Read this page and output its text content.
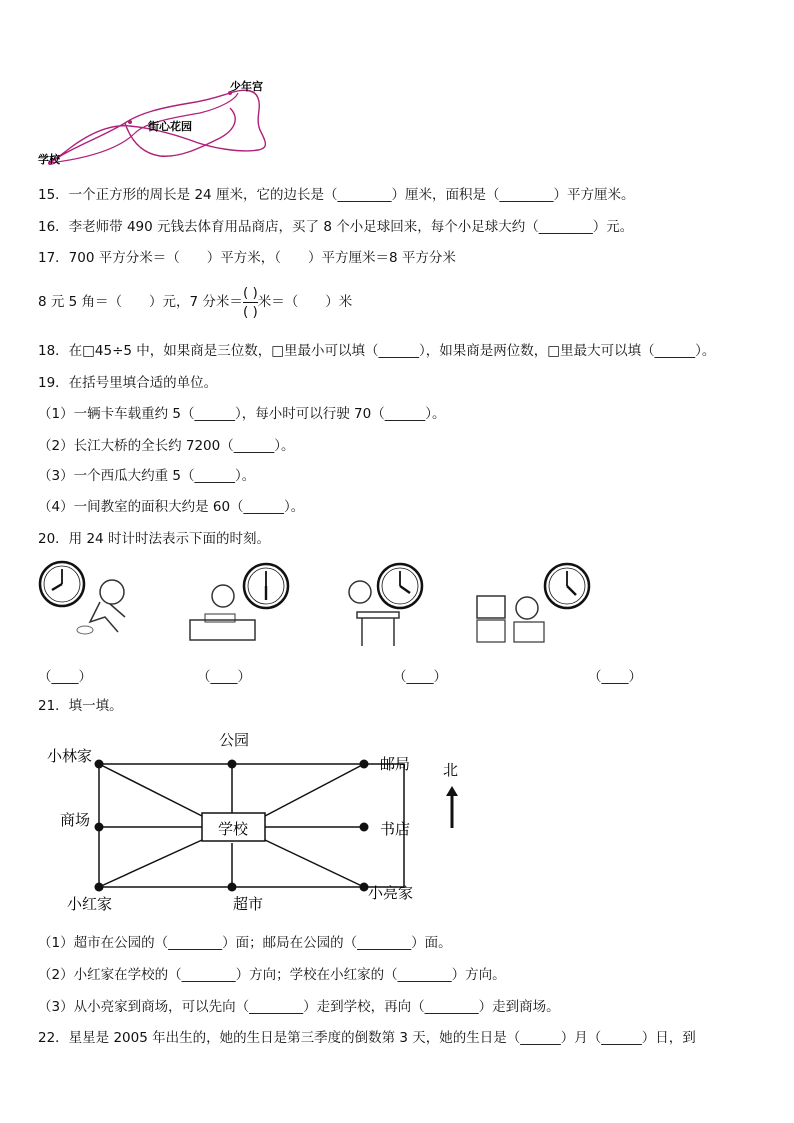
学校
街心花园
少年宫
15．一个正方形的周长是 24 厘米，它的边长是（________）厘米，面积是（________）平方厘米。
16．李老师带 490 元钱去体育用品商店，买了 8 个小足球回来，每个小足球大约（________）元。
17．700 平方分米＝（　　）平方米，（　　）平方厘米＝8 平方分米
8 元 5 角＝（　　）元，7 分米＝ $\frac{( )}{( )}$ 米＝（　　）米
18．在□45÷5 中，如果商是三位数，□里最小可以填（______），如果商是两位数，□里最大可以填（______）。
19．在括号里填合适的单位。
（1）一辆卡车载重约 5（______），每小时可以行驶 70（______）。
（2）长江大桥的全长约 7200（______）。
（3）一个西瓜大约重 5（______）。
（4）一间教室的面积大约是 60（______）。
20．用 24 时计时法表示下面的时刻。
（____）	（____）	（____）	（____）
21．填一填。
小林家
公园
邮局
商场	学校	书店
小红家	超市
小亮家
北
（1）超市在公园的（________）面；邮局在公园的（________）面。
（2）小红家在学校的（________）方向；学校在小红家的（________）方向。
（3）从小亮家到商场，可以先向（________）走到学校，再向（________）走到商场。
22．星星是 2005 年出生的，她的生日是第三季度的倒数第 3 天，她的生日是（______）月（______）日，到
